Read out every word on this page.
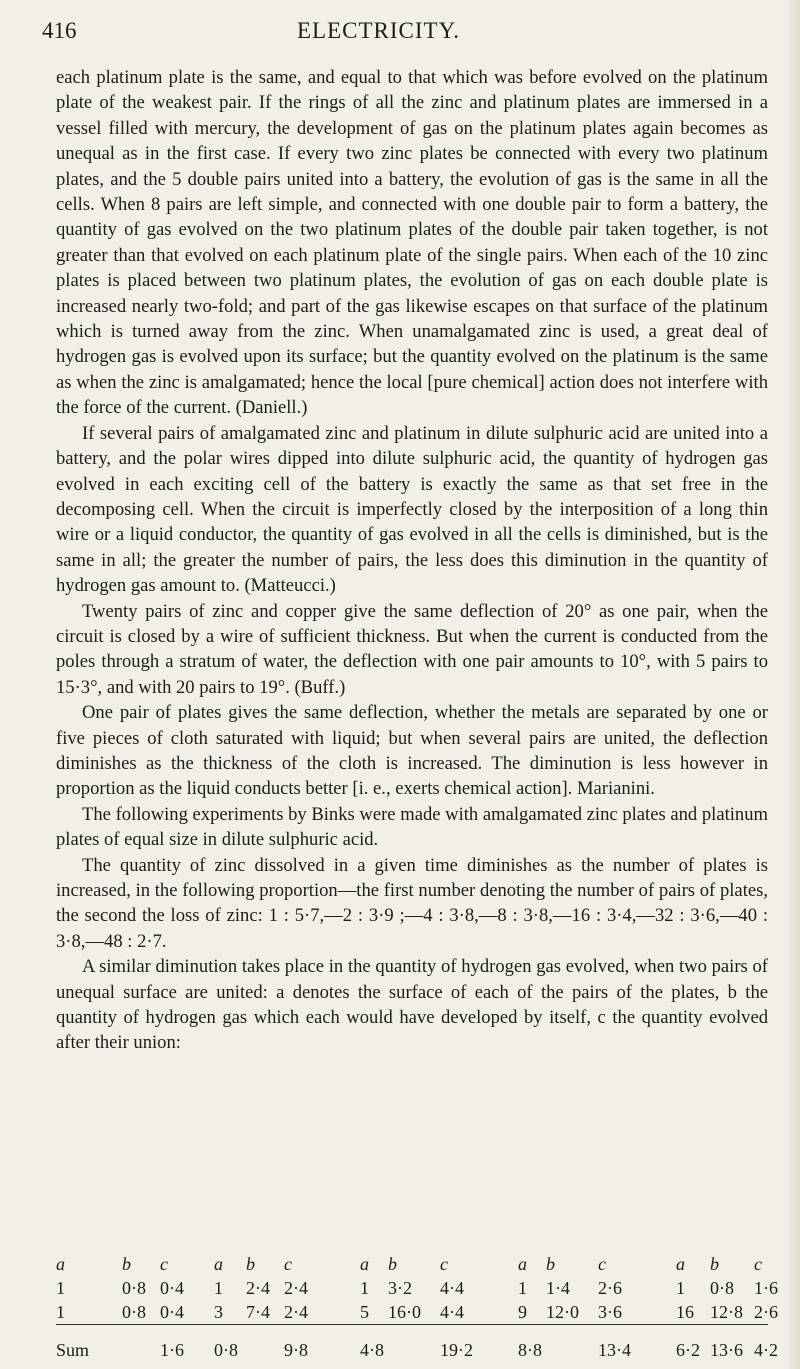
416	ELECTRICITY.

each platinum plate is the same, and equal to that which was before evolved on the platinum plate of the weakest pair. If the rings of all the zinc and platinum plates are immersed in a vessel filled with mercury, the development of gas on the platinum plates again becomes as unequal as in the first case. If every two zinc plates be connected with every two platinum plates, and the 5 double pairs united into a battery, the evolution of gas is the same in all the cells. When 8 pairs are left simple, and connected with one double pair to form a battery, the quantity of gas evolved on the two platinum plates of the double pair taken together, is not greater than that evolved on each platinum plate of the single pairs. When each of the 10 zinc plates is placed between two platinum plates, the evolution of gas on each double plate is increased nearly two-fold; and part of the gas likewise escapes on that surface of the platinum which is turned away from the zinc. When unamalgamated zinc is used, a great deal of hydrogen gas is evolved upon its surface; but the quantity evolved on the platinum is the same as when the zinc is amalgamated; hence the local [pure chemical] action does not interfere with the force of the current. (Daniell.)

If several pairs of amalgamated zinc and platinum in dilute sulphuric acid are united into a battery, and the polar wires dipped into dilute sulphuric acid, the quantity of hydrogen gas evolved in each exciting cell of the battery is exactly the same as that set free in the decomposing cell. When the circuit is imperfectly closed by the interposition of a long thin wire or a liquid conductor, the quantity of gas evolved in all the cells is diminished, but is the same in all; the greater the number of pairs, the less does this diminution in the quantity of hydrogen gas amount to. (Matteucci.)

Twenty pairs of zinc and copper give the same deflection of 20° as one pair, when the circuit is closed by a wire of sufficient thickness. But when the current is conducted from the poles through a stratum of water, the deflection with one pair amounts to 10°, with 5 pairs to 15·3°, and with 20 pairs to 19°. (Buff.)

One pair of plates gives the same deflection, whether the metals are separated by one or five pieces of cloth saturated with liquid; but when several pairs are united, the deflection diminishes as the thickness of the cloth is increased. The diminution is less however in proportion as the liquid conducts better [i. e., exerts chemical action]. Marianini.

The following experiments by Binks were made with amalgamated zinc plates and platinum plates of equal size in dilute sulphuric acid.

The quantity of zinc dissolved in a given time diminishes as the number of plates is increased, in the following proportion—the first number denoting the number of pairs of plates, the second the loss of zinc: 1 : 5·7,—2 : 3·9 ;—4 : 3·8,—8 : 3·8,—16 : 3·4,—32 : 3·6,—40 : 3·8,—48 : 2·7.

A similar diminution takes place in the quantity of hydrogen gas evolved, when two pairs of unequal surface are united: a denotes the surface of each of the pairs of the plates, b the quantity of hydrogen gas which each would have developed by itself, c the quantity evolved after their union:

a	b	c	a	b	c	a	b	c	a	b	c	a	b	c
1	0·8	0·4	1	2·4	2·4	1	3·2	4·4	1	1·4	2·6	1	0·8	1·6
1	0·8	0·4	3	7·4	2·4	5	16·0	4·4	9	12·0	3·6	16	12·8	2·6
Sum		1·6	0·8		9·8	4·8		19·2	8·8		13·4	6·2	13·6	4·2
